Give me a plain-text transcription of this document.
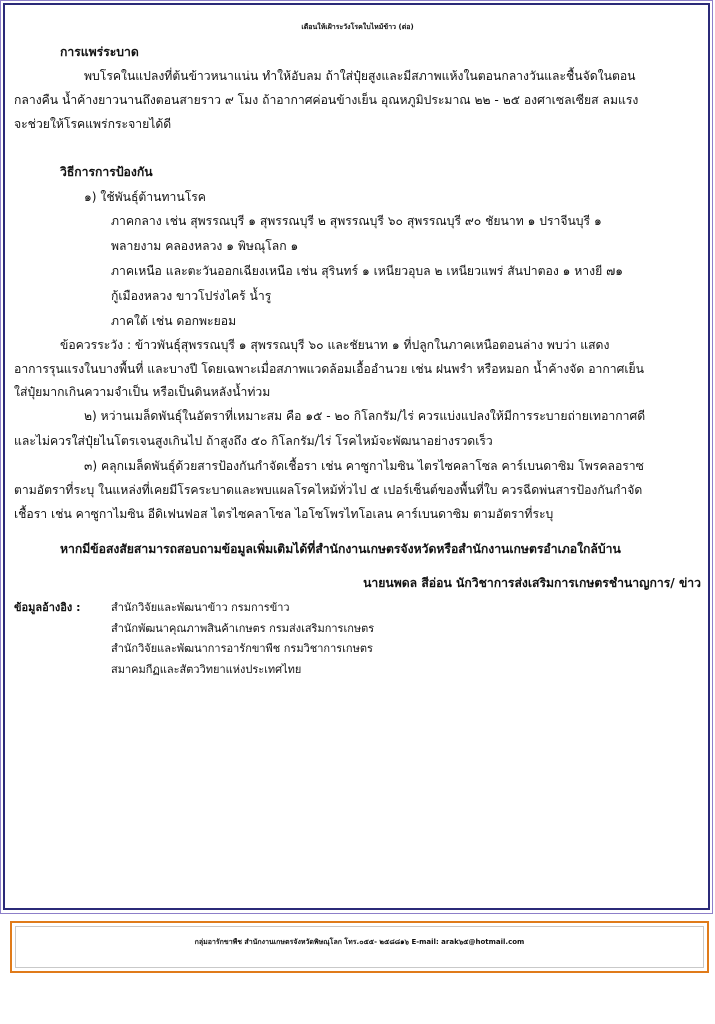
เตือนให้เฝ้าระวังโรคใบไหม้ข้าว (ต่อ)
การแพร่ระบาด
พบโรคในแปลงที่ต้นข้าวหนาแน่น ทำให้อับลม ถ้าใส่ปุ๋ยสูงและมีสภาพแห้งในตอนกลางวันและชื้นจัดในตอน
กลางคืน น้ำค้างยาวนานถึงตอนสายราว ๙ โมง ถ้าอากาศค่อนข้างเย็น อุณหภูมิประมาณ ๒๒ - ๒๕ องศาเซลเซียส ลมแรง
จะช่วยให้โรคแพร่กระจายได้ดี
วิธีการการป้องกัน
๑) ใช้พันธุ์ต้านทานโรค
ภาคกลาง เช่น สุพรรณบุรี ๑ สุพรรณบุรี ๒ สุพรรณบุรี ๖๐ สุพรรณบุรี ๙๐ ชัยนาท ๑ ปราจีนบุรี ๑
พลายงาม คลองหลวง ๑ พิษณุโลก ๑
ภาคเหนือ และตะวันออกเฉียงเหนือ เช่น สุรินทร์ ๑ เหนียวอุบล ๒ เหนียวแพร่ สันปาตอง ๑ หางยี ๗๑
กู้เมืองหลวง ขาวโปร่งไคร้ น้ำรู
ภาคใต้ เช่น ดอกพะยอม
ข้อควรระวัง : ข้าวพันธุ์สุพรรณบุรี ๑ สุพรรณบุรี ๖๐ และชัยนาท ๑ ที่ปลูกในภาคเหนือตอนล่าง พบว่า แสดง
อาการรุนแรงในบางพื้นที่ และบางปี โดยเฉพาะเมื่อสภาพแวดล้อมเอื้ออำนวย เช่น ฝนพรำ หรือหมอก น้ำค้างจัด อากาศเย็น
ใส่ปุ๋ยมากเกินความจำเป็น หรือเป็นดินหลังน้ำท่วม
๒) หว่านเมล็ดพันธุ์ในอัตราที่เหมาะสม คือ ๑๕ - ๒๐ กิโลกรัม/ไร่ ควรแบ่งแปลงให้มีการระบายถ่ายเทอากาศดี
และไม่ควรใส่ปุ๋ยไนโตรเจนสูงเกินไป ถ้าสูงถึง ๕๐ กิโลกรัม/ไร่ โรคไหม้จะพัฒนาอย่างรวดเร็ว
๓) คลุกเมล็ดพันธุ์ด้วยสารป้องกันกำจัดเชื้อรา เช่น คาซูกาไมซิน ไตรไซคลาโซล คาร์เบนดาซิม โพรคลอราซ
ตามอัตราที่ระบุ ในแหล่งที่เคยมีโรคระบาดและพบแผลโรคไหม้ทั่วไป ๕ เปอร์เซ็นต์ของพื้นที่ใบ ควรฉีดพ่นสารป้องกันกำจัด
เชื้อรา เช่น คาซูกาไมซิน อีดิเฟนฟอส ไตรไซคลาโซล ไอโซโพรไทโอเลน คาร์เบนดาซิม ตามอัตราที่ระบุ
หากมีข้อสงสัยสามารถสอบถามข้อมูลเพิ่มเติมได้ที่สำนักงานเกษตรจังหวัดหรือสำนักงานเกษตรอำเภอใกล้บ้าน
นายนพดล สีอ่อน นักวิชาการส่งเสริมการเกษตรชำนาญการ/ ข่าว
ข้อมูลอ้างอิง :	สำนักวิจัยและพัฒนาข้าว กรมการข้าว
สำนักพัฒนาคุณภาพสินค้าเกษตร กรมส่งเสริมการเกษตร
สำนักวิจัยและพัฒนาการอารักขาพืช กรมวิชาการเกษตร
สมาคมกีฏและสัตววิทยาแห่งประเทศไทย
กลุ่มอารักขาพืช สำนักงานเกษตรจังหวัดพิษณุโลก โทร.๐๕๕- ๒๕๘๘๑๖ E-mail: arak๖๕@hotmail.com
